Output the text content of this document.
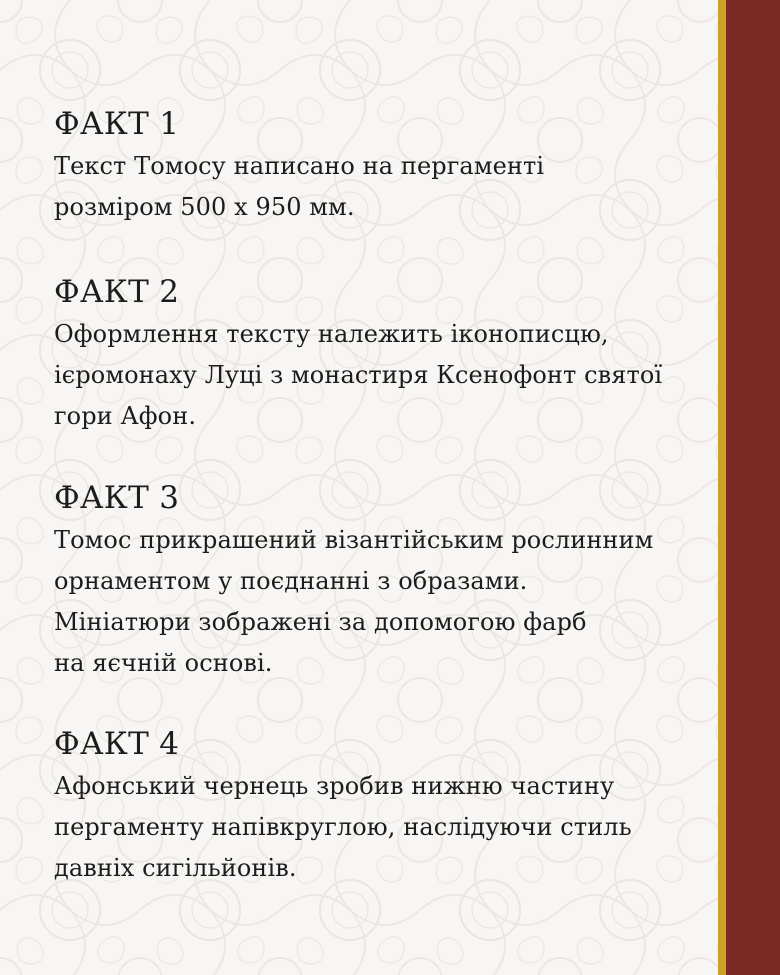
ФАКТ 1

Текст Томосу написано на пергаменті
розміром 500 х 950 мм.

ФАКТ 2

Оформлення тексту належить іконописцю,
ієромонаху Луці з монастиря Ксенофонт святої
гори Афон.

ФАКТ 3

Томос прикрашений візантійським рослинним
орнаментом у поєднанні з образами.
Мініатюри зображені за допомогою фарб
на яєчній основі.

ФАКТ 4

Афонський чернець зробив нижню частину
пергаменту напівкруглою, наслідуючи стиль
давніх сигільйонів.
